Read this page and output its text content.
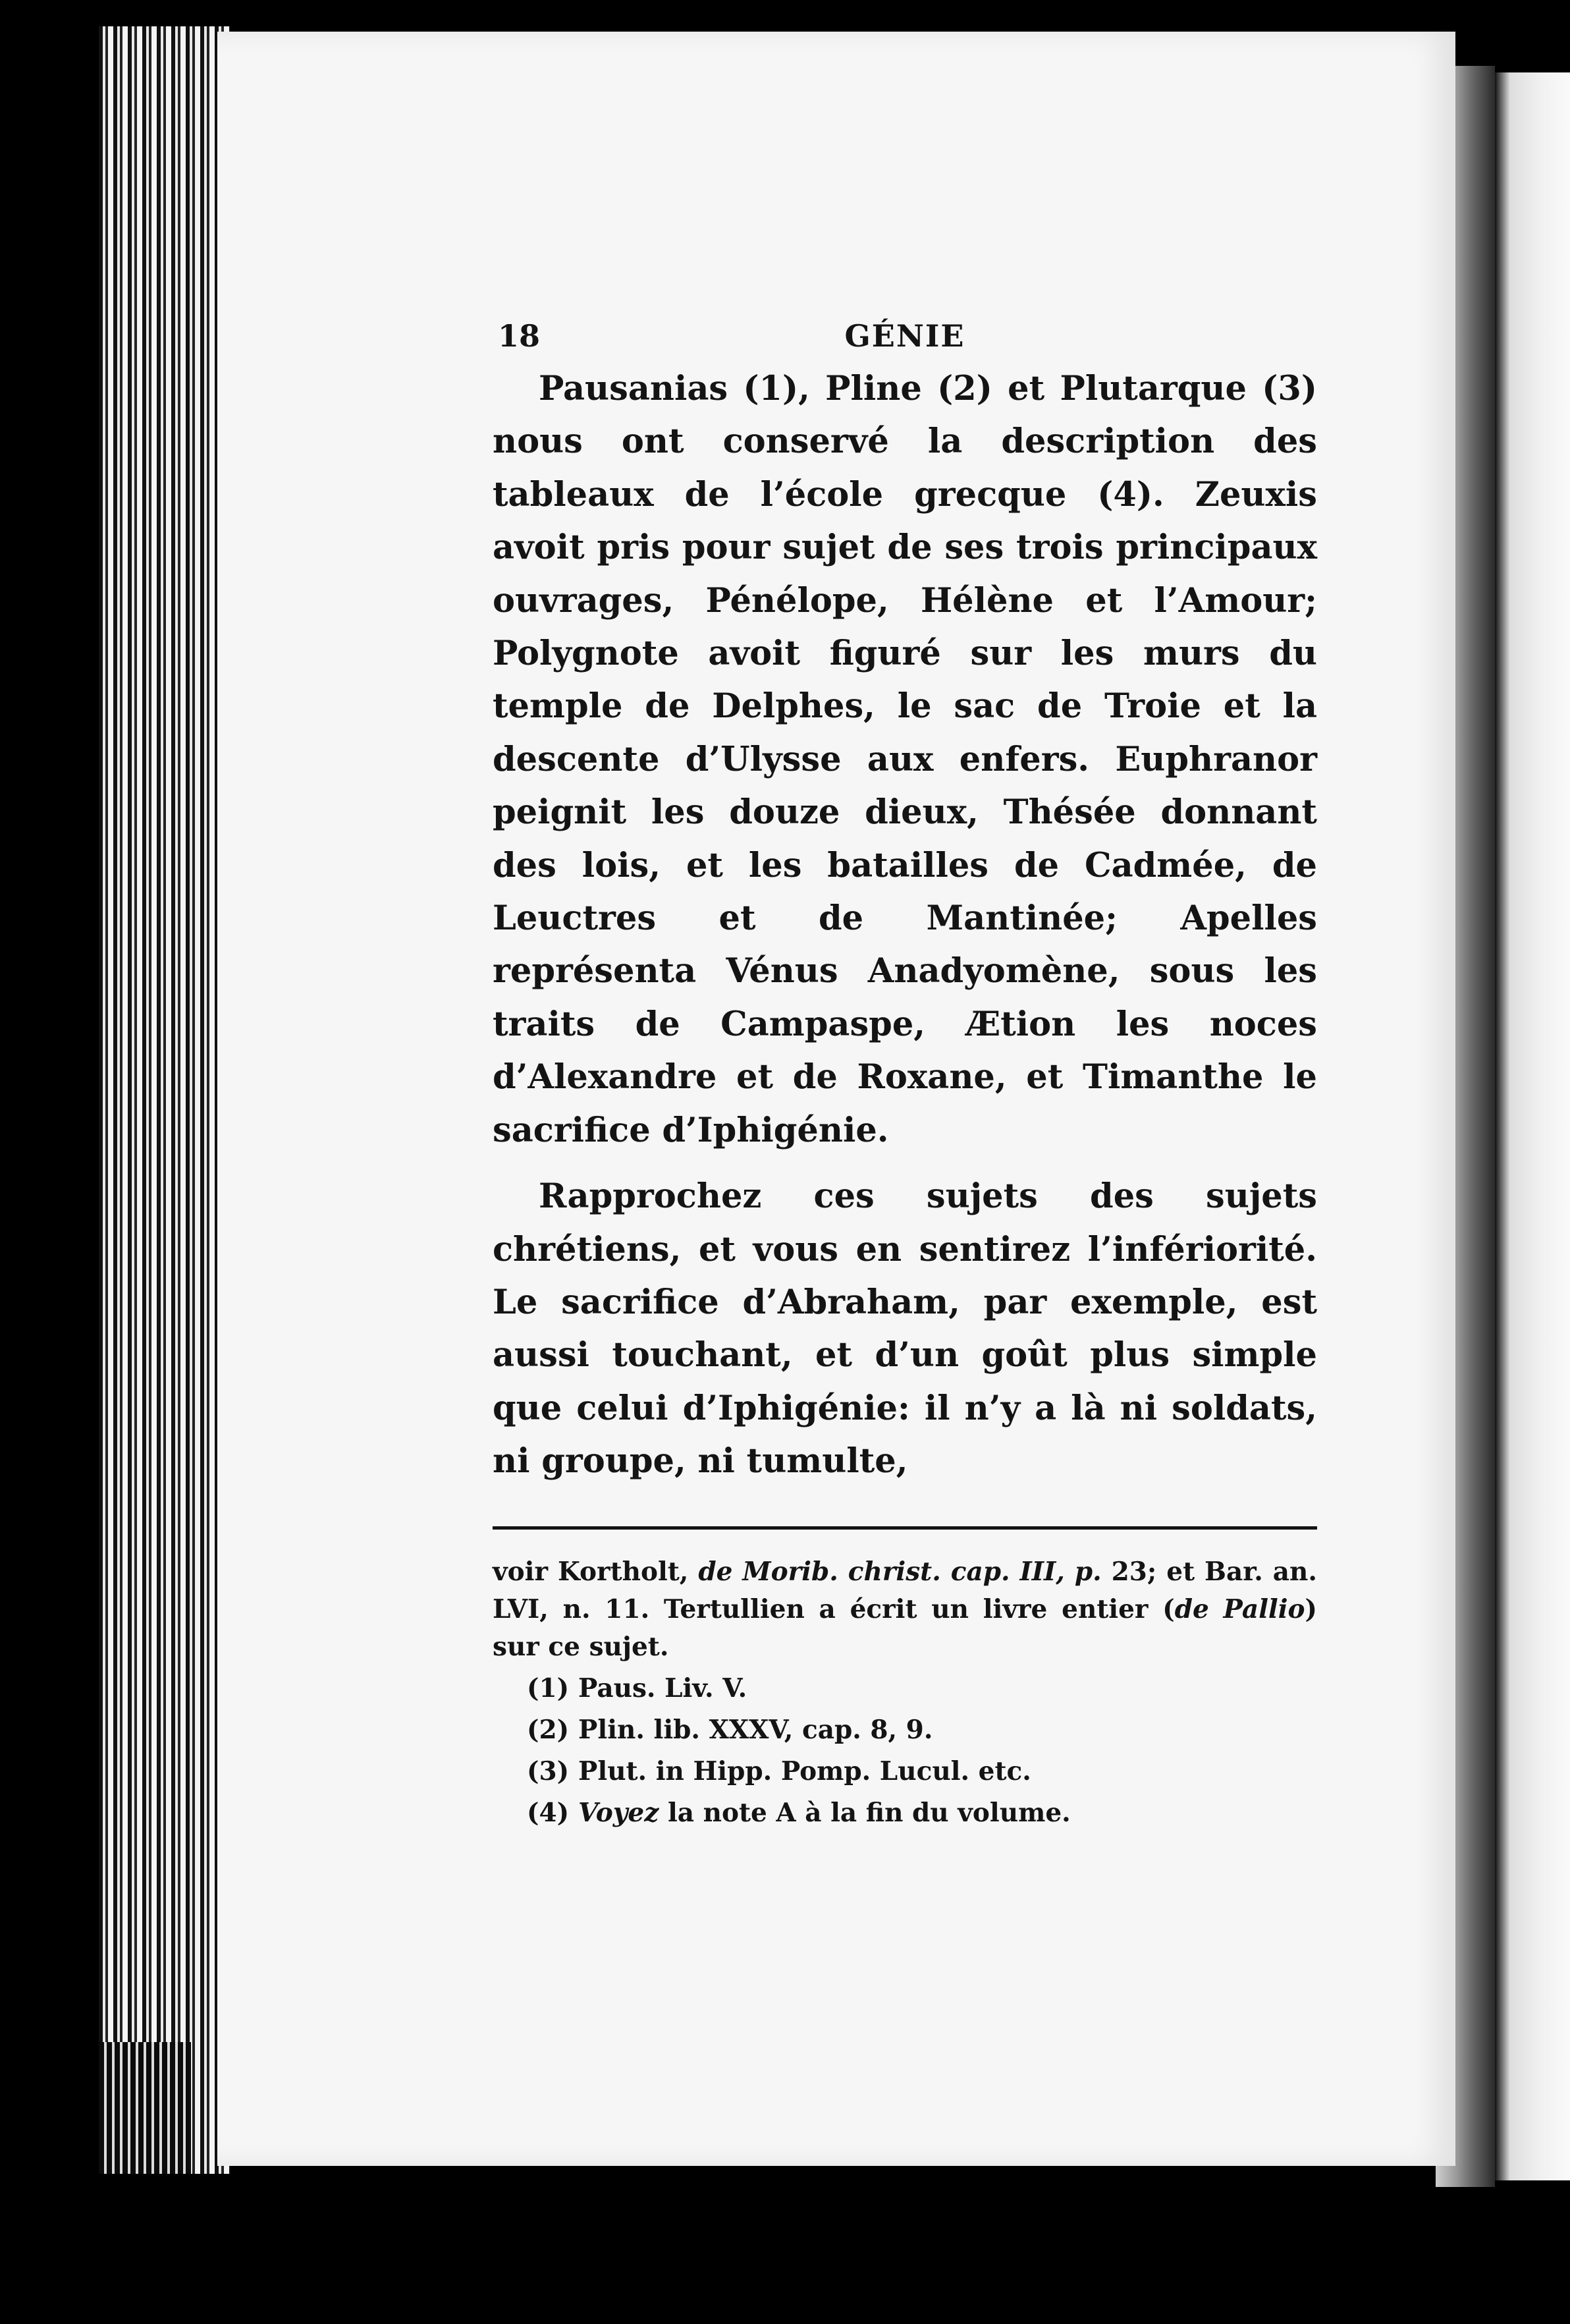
18	GÉNIE

Pausanias (1), Pline (2) et Plutarque (3) nous ont conservé la description des tableaux de l’école grecque (4). Zeuxis avoit pris pour sujet de ses trois principaux ouvrages, Pénélope, Hélène et l’Amour; Polygnote avoit figuré sur les murs du temple de Delphes, le sac de Troie et la descente d’Ulysse aux enfers. Euphranor peignit les douze dieux, Thésée donnant des lois, et les batailles de Cadmée, de Leuctres et de Mantinée; Apelles représenta Vénus Anadyomène, sous les traits de Campaspe, Ætion les noces d’Alexandre et de Roxane, et Timanthe le sacrifice d’Iphigénie.

Rapprochez ces sujets des sujets chrétiens, et vous en sentirez l’infériorité. Le sacrifice d’Abraham, par exemple, est aussi touchant, et d’un goût plus simple que celui d’Iphigénie: il n’y a là ni soldats, ni groupe, ni tumulte,

voir Kortholt, de Morib. christ. cap. III, p. 23; et Bar. an. LVI, n. 11. Tertullien a écrit un livre entier (de Pallio) sur ce sujet.

(1) Paus. Liv. V.

(2) Plin. lib. XXXV, cap. 8, 9.

(3) Plut. in Hipp. Pomp. Lucul. etc.

(4) Voyez la note A à la fin du volume.
